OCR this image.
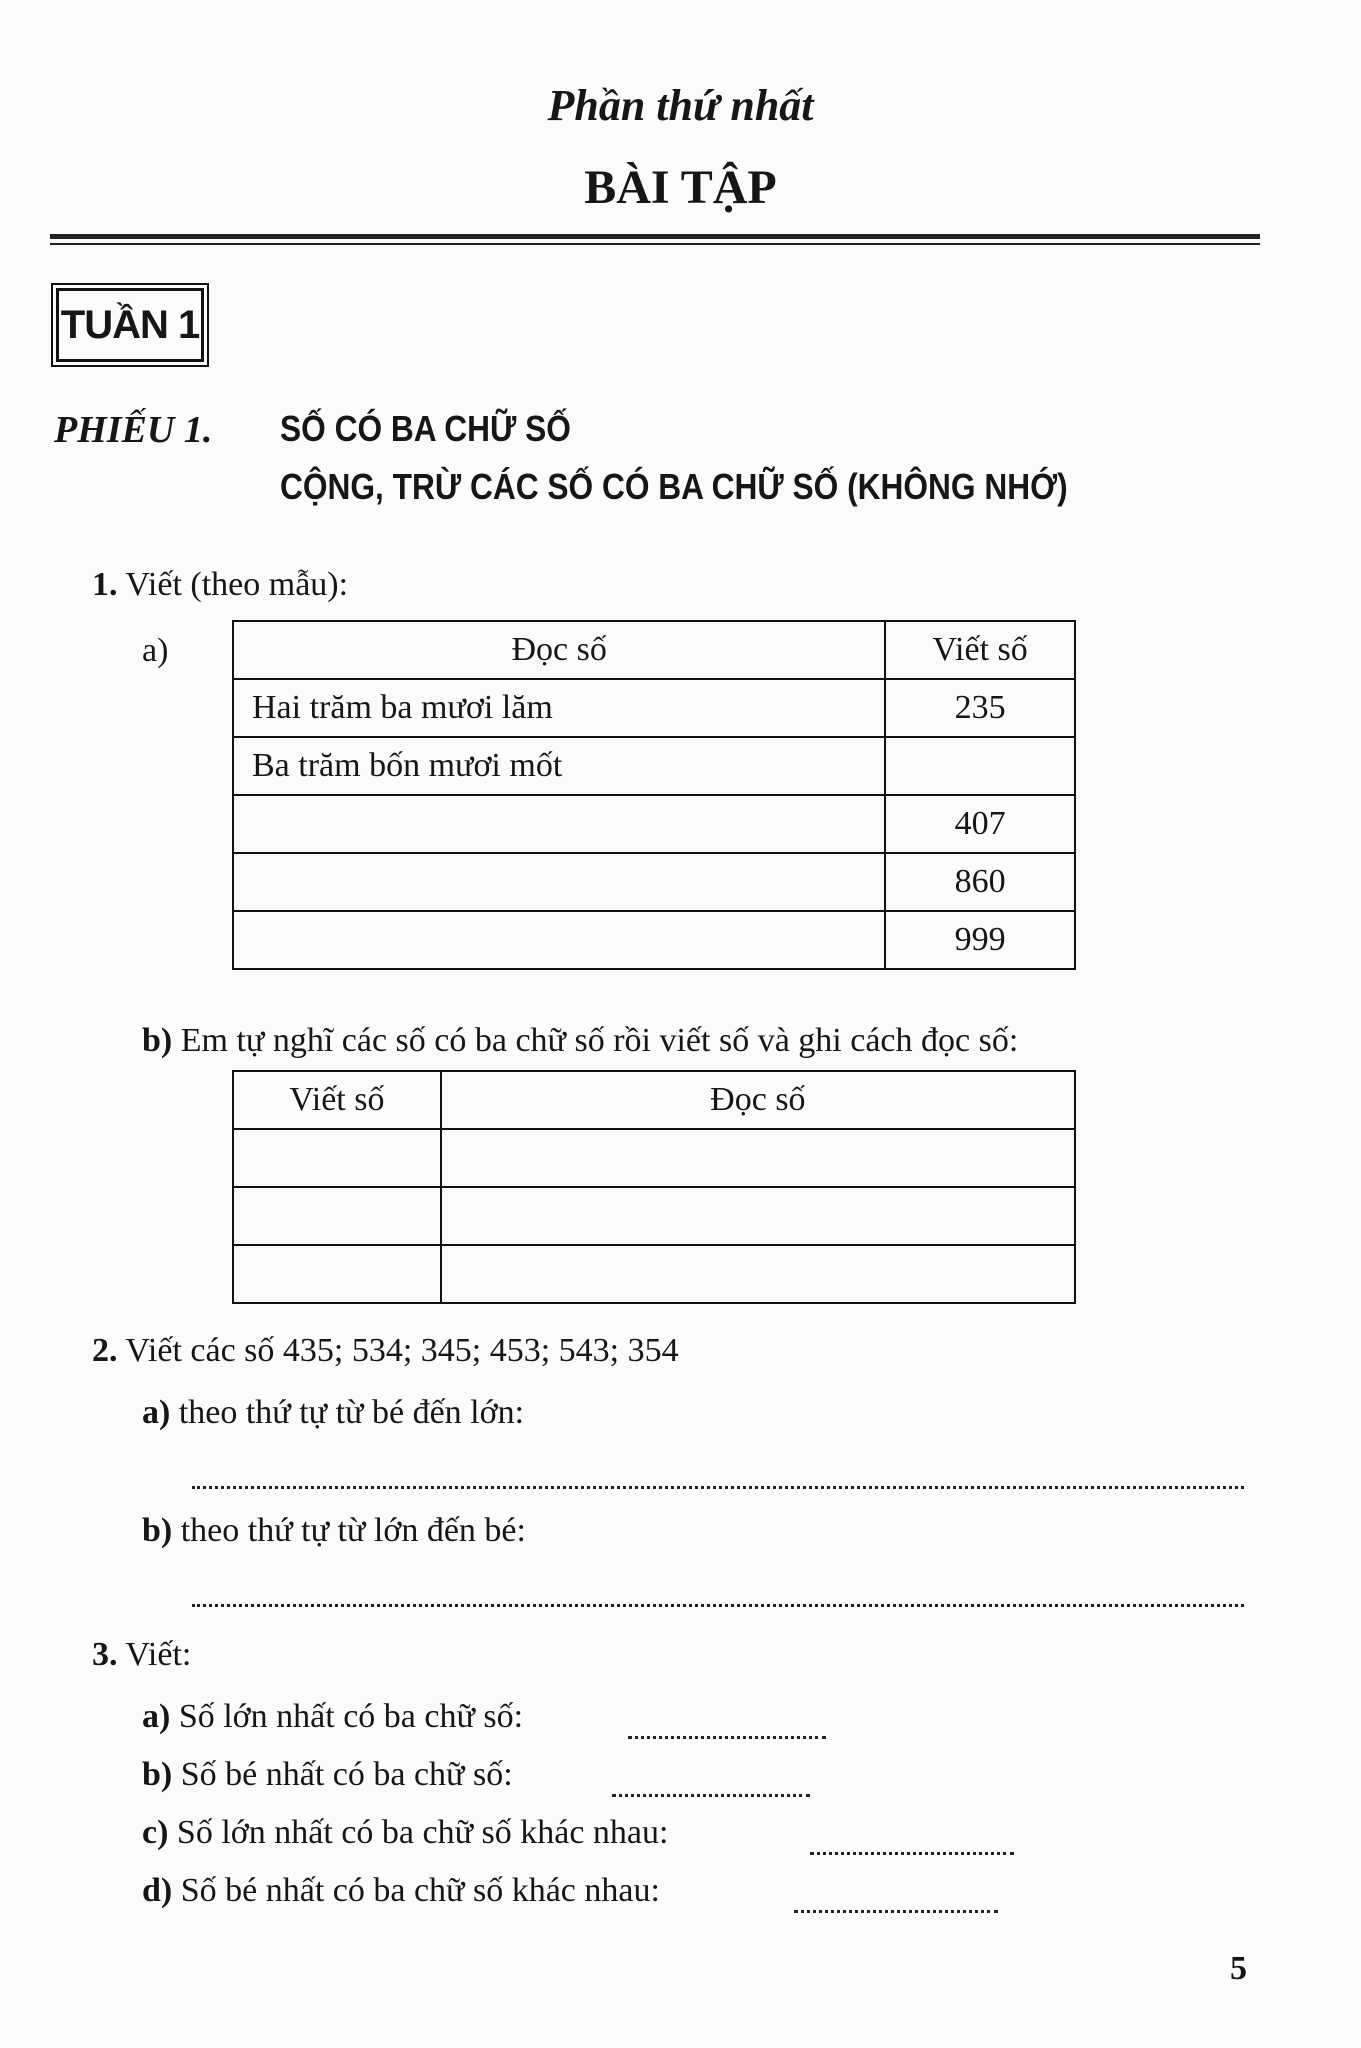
Phần thứ nhất
BÀI TẬP
TUẦN 1
PHIẾU 1. SỐ CÓ BA CHỮ SỐ
CỘNG, TRỪ CÁC SỐ CÓ BA CHỮ SỐ (KHÔNG NHỚ)
1. Viết (theo mẫu):
a)	Đọc số	Viết số
Hai trăm ba mươi lăm	235
Ba trăm bốn mươi mốt	
	407
	860
	999
b) Em tự nghĩ các số có ba chữ số rồi viết số và ghi cách đọc số:
Viết số	Đọc số

2. Viết các số 435; 534; 345; 453; 543; 354
a) theo thứ tự từ bé đến lớn:
b) theo thứ tự từ lớn đến bé:
3. Viết:
a) Số lớn nhất có ba chữ số:
b) Số bé nhất có ba chữ số:
c) Số lớn nhất có ba chữ số khác nhau:
d) Số bé nhất có ba chữ số khác nhau:
5
